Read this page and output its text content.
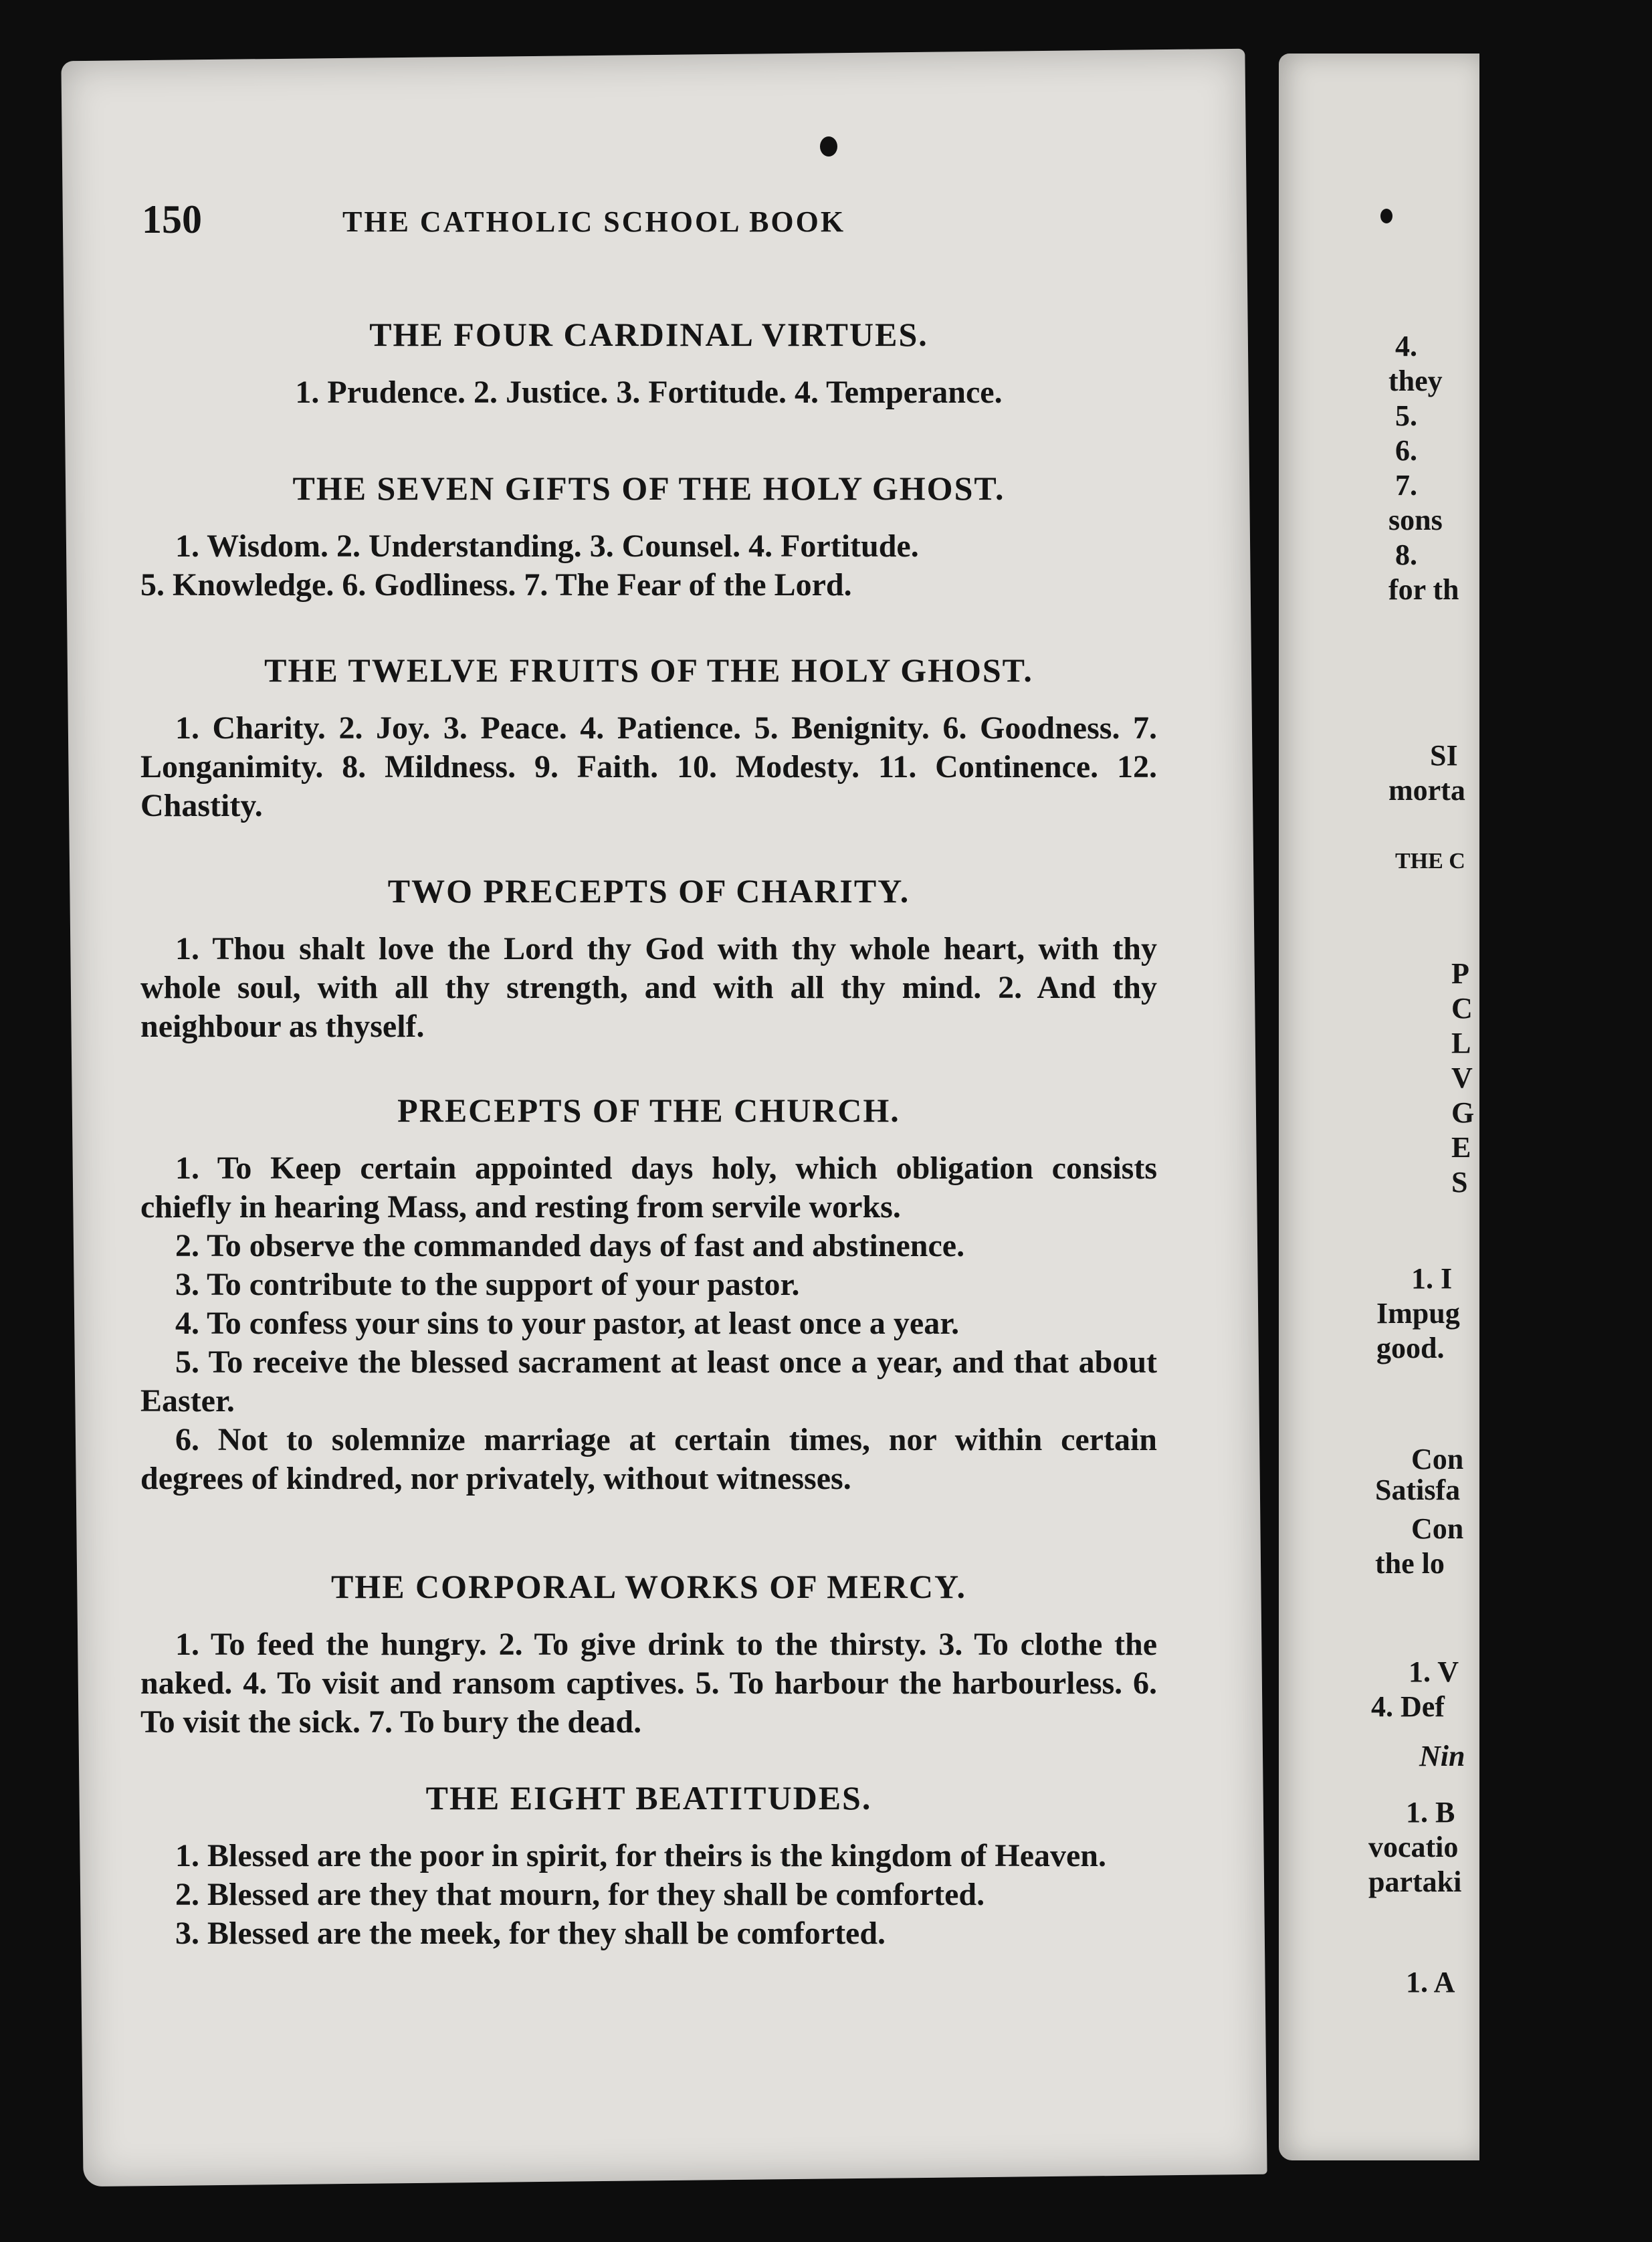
150	THE CATHOLIC SCHOOL BOOK
THE FOUR CARDINAL VIRTUES.

1. Prudence. 2. Justice. 3. Fortitude. 4. Temperance.

THE SEVEN GIFTS OF THE HOLY GHOST.

1. Wisdom. 2. Understanding. 3. Counsel. 4. Fortitude.

5. Knowledge. 6. Godliness. 7. The Fear of the Lord.

THE TWELVE FRUITS OF THE HOLY GHOST.

1. Charity. 2. Joy. 3. Peace. 4. Patience. 5. Benignity. 6. Goodness. 7. Longanimity. 8. Mildness. 9. Faith. 10. Modesty. 11. Continence. 12. Chastity.

TWO PRECEPTS OF CHARITY.

1. Thou shalt love the Lord thy God with thy whole heart, with thy whole soul, with all thy strength, and with all thy mind. 2. And thy neighbour as thyself.

PRECEPTS OF THE CHURCH.

1. To Keep certain appointed days holy, which obligation consists chiefly in hearing Mass, and resting from servile works.

2. To observe the commanded days of fast and abstinence.

3. To contribute to the support of your pastor.

4. To confess your sins to your pastor, at least once a year.

5. To receive the blessed sacrament at least once a year, and that about Easter.

6. Not to solemnize marriage at certain times, nor within certain degrees of kindred, nor privately, without witnesses.

THE CORPORAL WORKS OF MERCY.

1. To feed the hungry. 2. To give drink to the thirsty. 3. To clothe the naked. 4. To visit and ransom captives. 5. To harbour the harbourless. 6. To visit the sick. 7. To bury the dead.

THE EIGHT BEATITUDES.

1. Blessed are the poor in spirit, for theirs is the kingdom of Heaven.

2. Blessed are they that mourn, for they shall be comforted.

3. Blessed are the meek, for they shall be comforted.

4.
they
5.
6.
7.
sons
8.
for th
SI
morta
THE C
P
C
L
V
G
E
S
1. I
Impug
good.
Con
Satisfa
Con
the lo
1. V
4. Def
Nin
1. B
vocatio
partaki
1. A
